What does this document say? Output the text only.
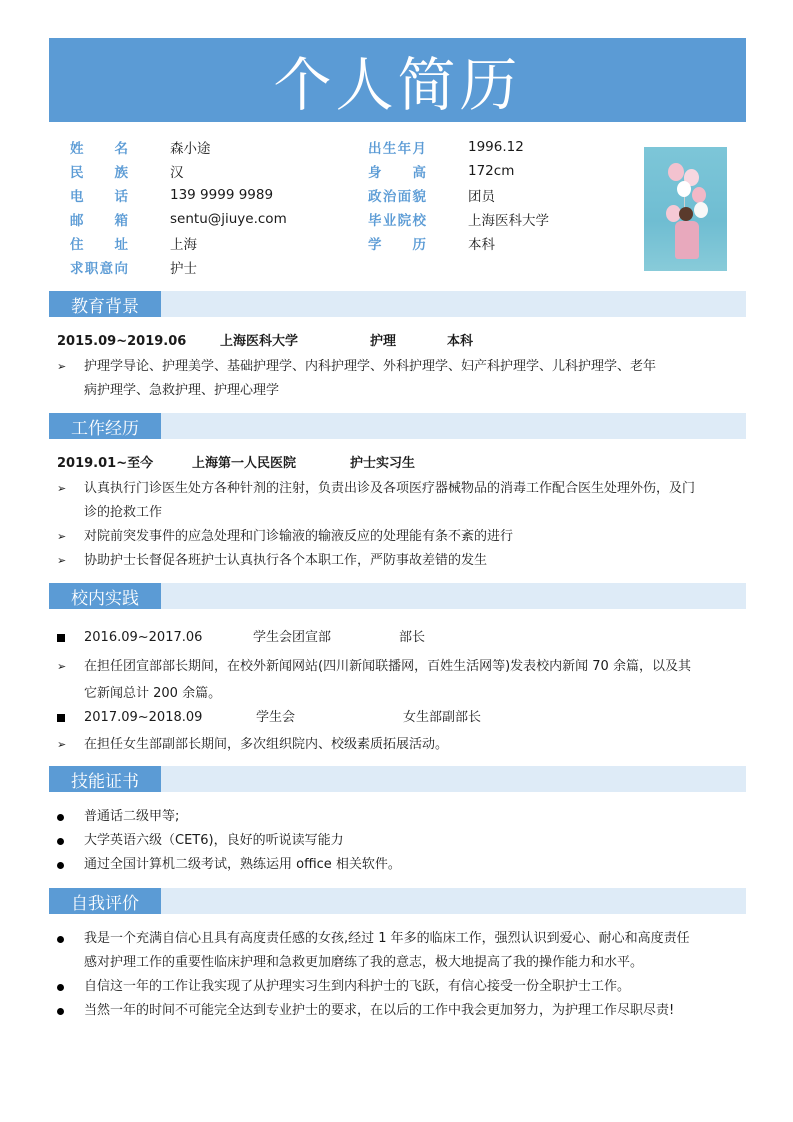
个人简历
姓名	森小途	出生年月	1996.12
民族	汉	身高	172cm
电话	139 9999 9989	政治面貌	团员
邮箱	sentu@jiuye.com	毕业院校	上海医科大学
住址	上海	学历	本科
求职意向	护士
教育背景
2015.09~2019.06	上海医科大学	护理	本科
➢ 护理学导论、护理美学、基础护理学、内科护理学、外科护理学、妇产科护理学、儿科护理学、老年
病护理学、急救护理、护理心理学
工作经历
2019.01~至今	上海第一人民医院	护士实习生
➢ 认真执行门诊医生处方各种针剂的注射，负责出诊及各项医疗器械物品的消毒工作配合医生处理外伤，及门
诊的抢救工作
➢ 对院前突发事件的应急处理和门诊输液的输液反应的处理能有条不紊的进行
➢ 协助护士长督促各班护士认真执行各个本职工作，严防事故差错的发生
校内实践
2016.09~2017.06	学生会团宣部	部长
➢ 在担任团宣部部长期间，在校外新闻网站(四川新闻联播网，百姓生活网等)发表校内新闻 70 余篇，以及其
它新闻总计 200 余篇。
2017.09~2018.09	学生会	女生部副部长
➢ 在担任女生部副部长期间，多次组织院内、校级素质拓展活动。
技能证书
普通话二级甲等;
大学英语六级（CET6)，良好的听说读写能力
通过全国计算机二级考试，熟练运用 office 相关软件。
自我评价
我是一个充满自信心且具有高度责任感的女孩,经过 1 年多的临床工作，强烈认识到爱心、耐心和高度责任
感对护理工作的重要性临床护理和急救更加磨练了我的意志，极大地提高了我的操作能力和水平。
自信这一年的工作让我实现了从护理实习生到内科护士的飞跃，有信心接受一份全职护士工作。
当然一年的时间不可能完全达到专业护士的要求，在以后的工作中我会更加努力，为护理工作尽职尽责!
